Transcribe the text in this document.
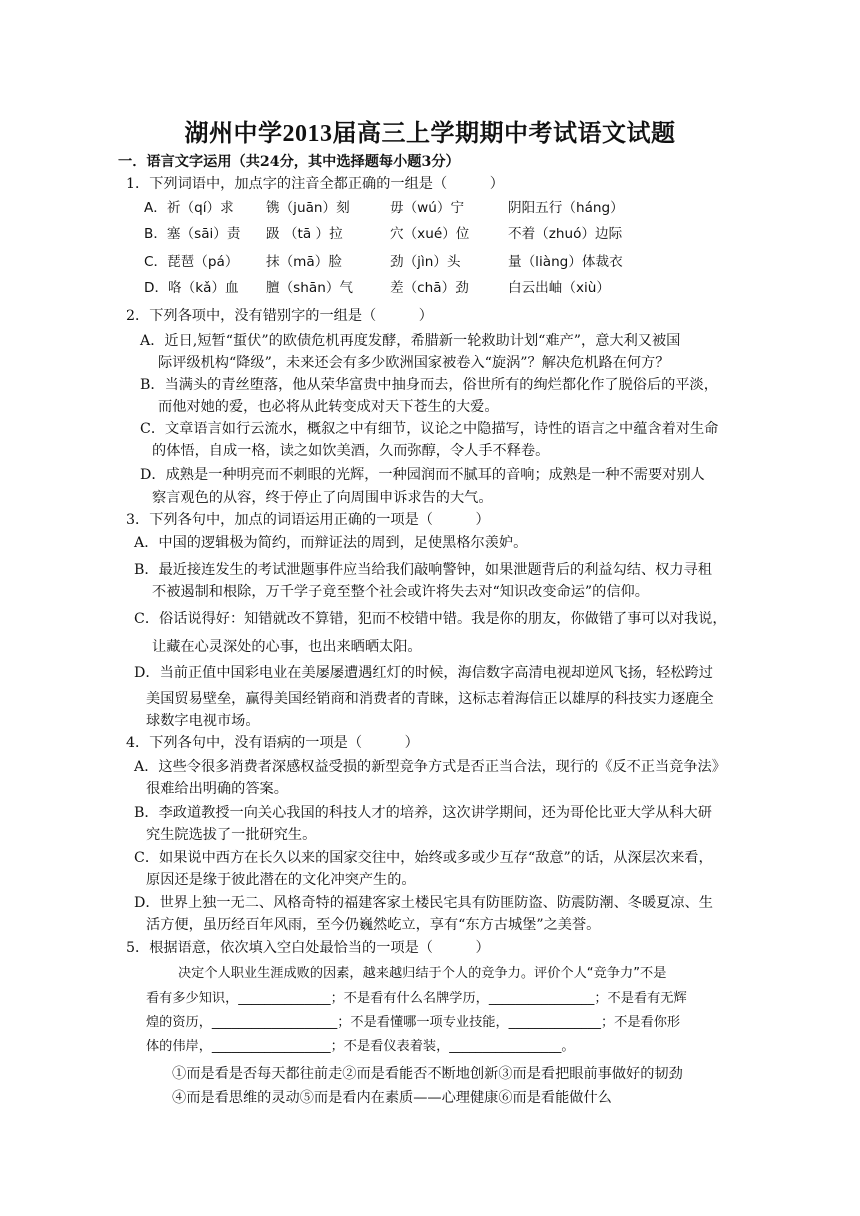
湖州中学2013届高三上学期期中考试语文试题
一．语言文字运用（共24分，其中选择题每小题3分）
1．下列词语中，加点字的注音全都正确的一组是（　　　）
A．祈（qí）求	镌（juān）刻	毋（wú）宁	阴阳五行（háng）
B．塞（sāi）责	趿 （tā ）拉	穴（xué）位	不着（zhuó）边际
C．琵琶（pá）	抹（mā）脸	劲（jìn）头	量（liàng）体裁衣
D．咯（kǎ）血	膻（shān）气	差（chā）劲	白云出岫（xiù）
2．下列各项中，没有错别字的一组是（　　　）
A．近日,短暂“蜇伏”的欧债危机再度发酵，希腊新一轮救助计划“难产”，意大利又被国
际评级机构“降级”，未来还会有多少欧洲国家被卷入“旋涡”？解决危机路在何方？
B．当满头的青丝堕落，他从荣华富贵中抽身而去，俗世所有的绚烂都化作了脱俗后的平淡，
而他对她的爱，也必将从此转变成对天下苍生的大爱。
C．文章语言如行云流水，概叙之中有细节，议论之中隐描写，诗性的语言之中蕴含着对生命
的体悟，自成一格，读之如饮美酒，久而弥醇，令人手不释卷。
D．成熟是一种明亮而不刺眼的光辉，一种园润而不腻耳的音响；成熟是一种不需要对别人
察言观色的从容，终于停止了向周围申诉求告的大气。
3．下列各句中，加点的词语运用正确的一项是（　　　）
A．中国的逻辑极为简约，而辩证法的周到，足使黑格尔羡妒。
B．最近接连发生的考试泄题事件应当给我们敲响警钟，如果泄题背后的利益勾结、权力寻租
不被遏制和根除，万千学子竟至整个社会或许将失去对“知识改变命运”的信仰。
C．俗话说得好：知错就改不算错，犯而不校错中错。我是你的朋友，你做错了事可以对我说，
让藏在心灵深处的心事，也出来晒晒太阳。
D．当前正值中国彩电业在美屡屡遭遇红灯的时候，海信数字高清电视却逆风飞扬，轻松跨过
美国贸易壁垒，赢得美国经销商和消费者的青睐，这标志着海信正以雄厚的科技实力逐鹿全
球数字电视市场。
4．下列各句中，没有语病的一项是（　　　）
A．这些令很多消费者深感权益受损的新型竞争方式是否正当合法，现行的《反不正当竞争法》
很难给出明确的答案。
B．李政道教授一向关心我国的科技人才的培养，这次讲学期间，还为哥伦比亚大学从科大研
究生院选拔了一批研究生。
C．如果说中西方在长久以来的国家交往中，始终或多或少互存“敌意”的话，从深层次来看，
原因还是缘于彼此潜在的文化冲突产生的。
D．世界上独一无二、风格奇特的福建客家土楼民宅具有防匪防盗、防震防潮、冬暖夏凉、生
活方便，虽历经百年风雨，至今仍巍然屹立，享有“东方古城堡”之美誉。
5．根据语意，依次填入空白处最恰当的一项是（　　　）
决定个人职业生涯成败的因素，越来越归结于个人的竞争力。评价个人“竞争力”不是
看有多少知识，______________；不是看有什么名牌学历，________________；不是看有无辉
煌的资历，___________________；不是看懂哪一项专业技能，______________；不是看你形
体的伟岸，__________________；不是看仪表着装，_________________。
①而是看是否每天都往前走②而是看能否不断地创新③而是看把眼前事做好的韧劲
④而是看思维的灵动⑤而是看内在素质——心理健康⑥而是看能做什么
